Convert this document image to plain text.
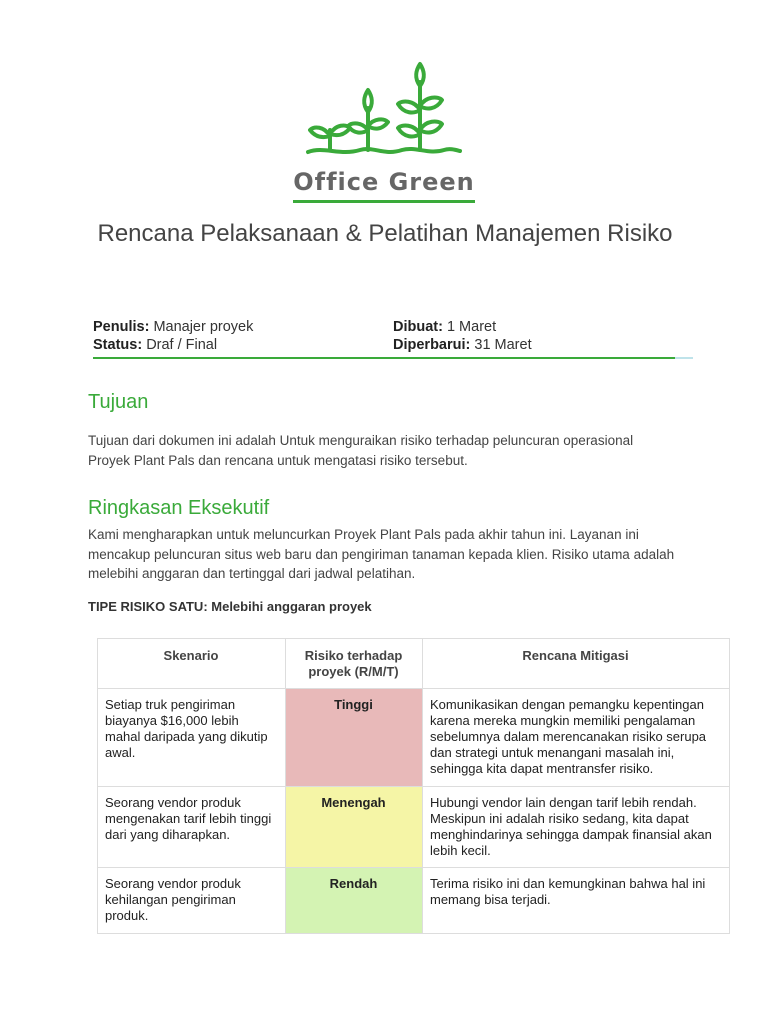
Office Green
Rencana Pelaksanaan & Pelatihan Manajemen Risiko
Penulis: Manajer proyek	Dibuat: 1 Maret
Status: Draf / Final	Diperbarui: 31 Maret
Tujuan

Tujuan dari dokumen ini adalah Untuk menguraikan risiko terhadap peluncuran operasional Proyek Plant Pals dan rencana untuk mengatasi risiko tersebut.

Ringkasan Eksekutif

Kami mengharapkan untuk meluncurkan Proyek Plant Pals pada akhir tahun ini. Layanan ini mencakup peluncuran situs web baru dan pengiriman tanaman kepada klien. Risiko utama adalah melebihi anggaran dan tertinggal dari jadwal pelatihan.

TIPE RISIKO SATU: Melebihi anggaran proyek

Skenario	Risiko terhadap proyek (R/M/T)	Rencana Mitigasi
Setiap truk pengiriman biayanya $16,000 lebih mahal daripada yang dikutip awal.	Tinggi	Komunikasikan dengan pemangku kepentingan karena mereka mungkin memiliki pengalaman sebelumnya dalam merencanakan risiko serupa dan strategi untuk menangani masalah ini, sehingga kita dapat mentransfer risiko.
Seorang vendor produk mengenakan tarif lebih tinggi dari yang diharapkan.	Menengah	Hubungi vendor lain dengan tarif lebih rendah. Meskipun ini adalah risiko sedang, kita dapat menghindarinya sehingga dampak finansial akan lebih kecil.
Seorang vendor produk kehilangan pengiriman produk.	Rendah	Terima risiko ini dan kemungkinan bahwa hal ini memang bisa terjadi.
